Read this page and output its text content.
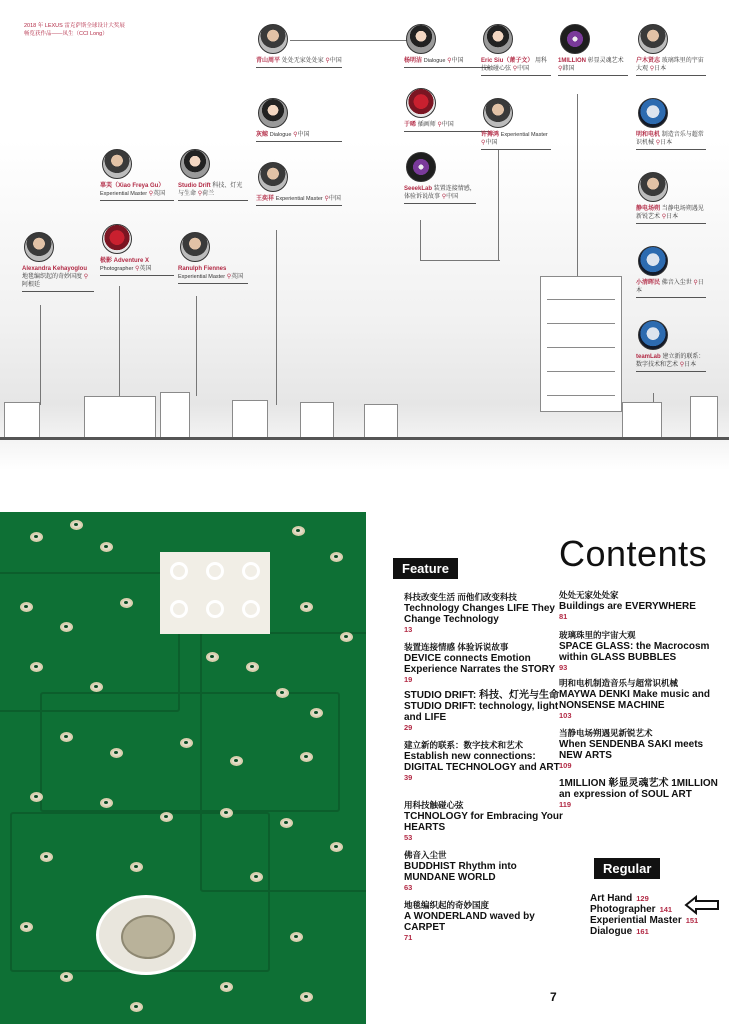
2018 年 LEXUS 雷克萨斯全球设计大奖展
畅览获作品——凤生（CCI Long）
青山周平 处处无家处处家 ⚲中国
灰鲸 Dialogue ⚲中国
王奕祥 Experiential Master ⚲中国
杨明洁 Dialogue ⚲中国
于晞 插画师 ⚲中国
SeeekLab 装置连接情感，体验诉说故事 ⚲中国
Eric Siu（萧子文） 用科技触碰心弦 ⚲中国
许搏鸿 Experiential Master ⚲中国
1MILLION 彰显灵魂艺术 ⚲韩国
户木贤志 玻璃珠里的宇宙大观 ⚲日本
明和电机 制造音乐与超常识机械 ⚲日本
静电场朔 当静电场朔遇见新锐艺术 ⚲日本
小清晖民 佛音入尘世 ⚲日本
teamLab 建立新的联系：数字技术和艺术 ⚲日本
辜芙（Xiao Freya Gu） Experiential Master ⚲英国
Studio Drift 科技、灯光与生命 ⚲荷兰
极影 Adventure X Photographer ⚲英国	Ranulph Fiennes Experiential Master ⚲英国
Alexandra Kehayoglou 地毯编织起的奇妙国度 ⚲阿根廷
Contents
Feature
Regular
科技改变生活 而他们改变科技
Technology Changes LIFE They Change Technology
13
装置连接情感 体验诉说故事
DEVICE connects Emotion Experience Narrates the STORY
19
STUDIO DRIFT: 科技、灯光与生命 STUDIO DRIFT: technology, light and LIFE
29
建立新的联系：数字技术和艺术
Establish new connections: DIGITAL TECHNOLOGY and ART
39
用科技触碰心弦
TCHNOLOGY for Embracing Your HEARTS
53
佛音入尘世
BUDDHIST Rhythm into MUNDANE WORLD
63
地毯编织起的奇妙国度
A WONDERLAND waved by CARPET
71
处处无家处处家
Buildings are EVERYWHERE
81
玻璃珠里的宇宙大观
SPACE GLASS: the Macrocosm within GLASS BUBBLES
93
明和电机制造音乐与超常识机械
MAYWA DENKI Make music and NONSENSE MACHINE
103
当静电场朔遇见新锐艺术
When SENDENBA SAKI meets NEW ARTS
109
1MILLION 彰显灵魂艺术 1MILLION an expression of SOUL ART
119
Art Hand 129
Photographer 141
Experiential Master 151
Dialogue 161
7
